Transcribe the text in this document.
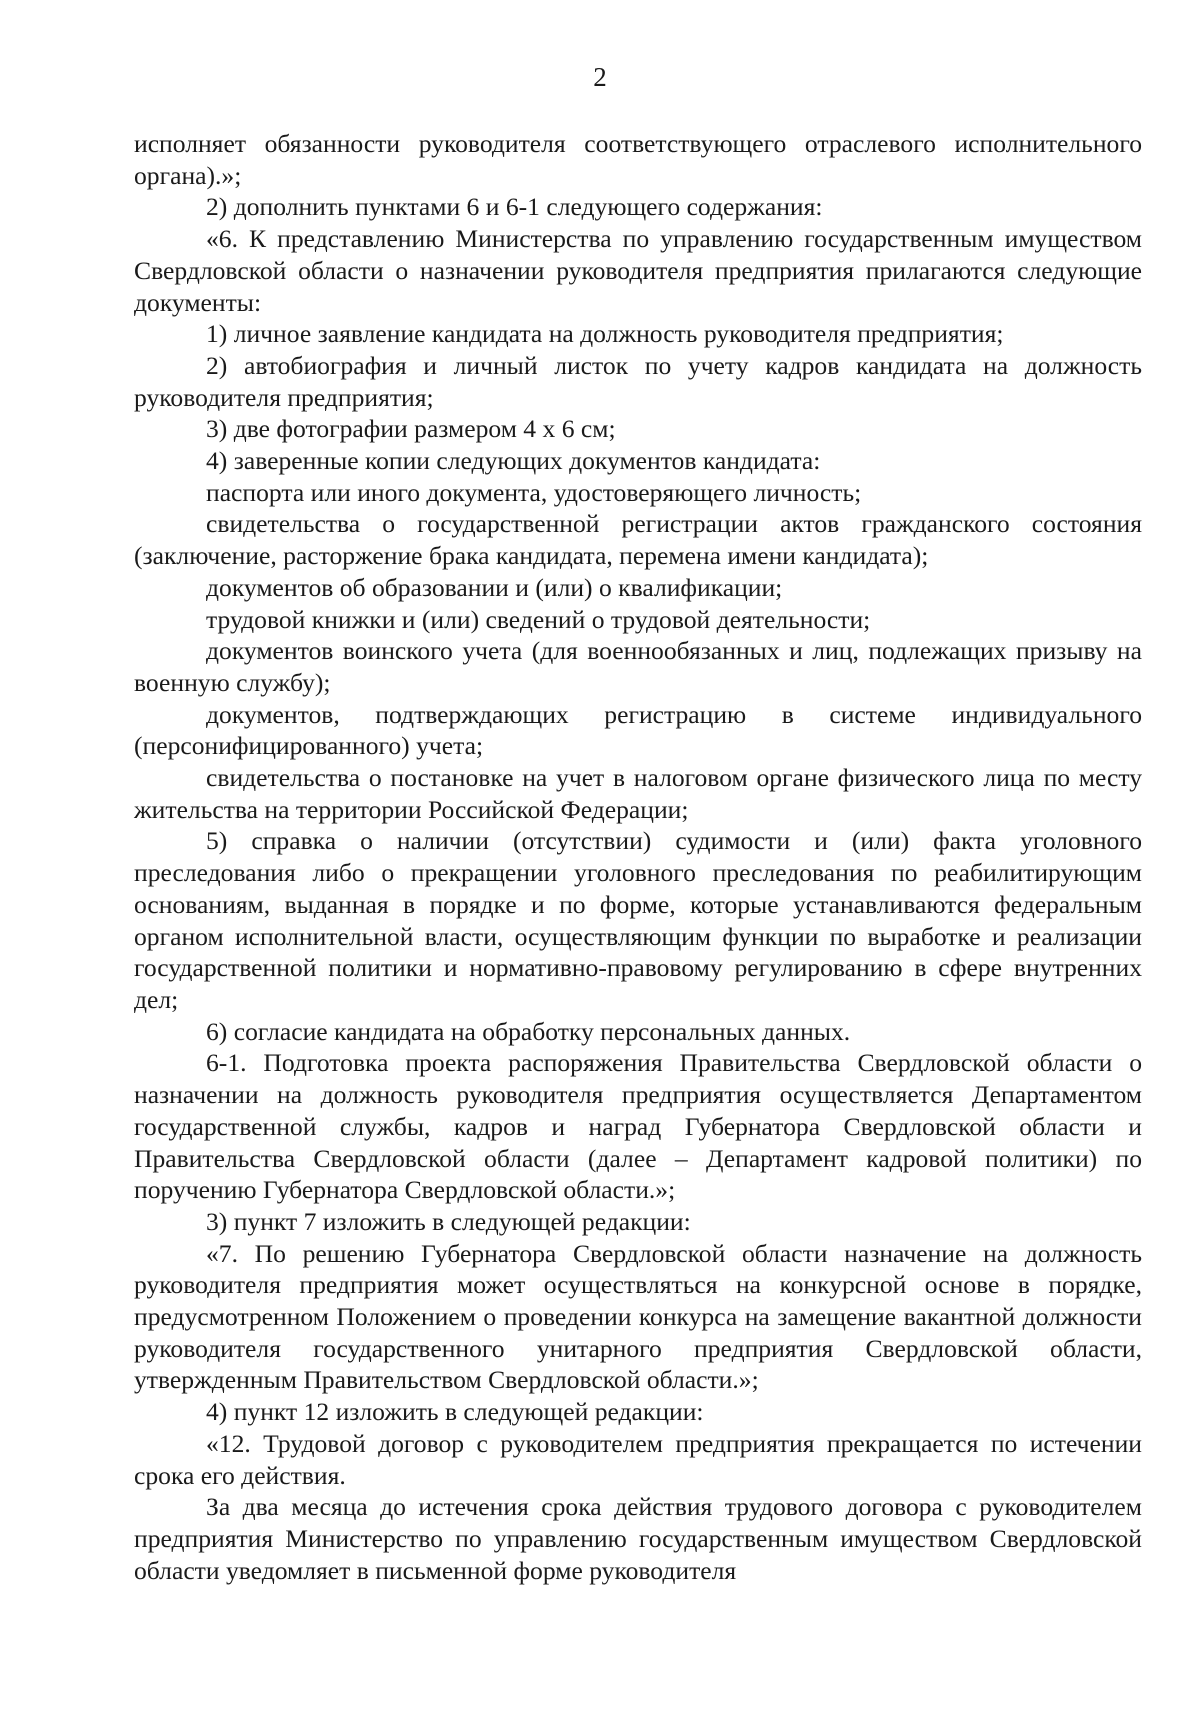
2

исполняет обязанности руководителя соответствующего отраслевого исполнительного органа).»;

2) дополнить пунктами 6 и 6-1 следующего содержания:

«6. К представлению Министерства по управлению государственным имуществом Свердловской области о назначении руководителя предприятия прилагаются следующие документы:

1) личное заявление кандидата на должность руководителя предприятия;

2) автобиография и личный листок по учету кадров кандидата на должность руководителя предприятия;

3) две фотографии размером 4 х 6 см;

4) заверенные копии следующих документов кандидата:

паспорта или иного документа, удостоверяющего личность;

свидетельства о государственной регистрации актов гражданского состояния (заключение, расторжение брака кандидата, перемена имени кандидата);

документов об образовании и (или) о квалификации;

трудовой книжки и (или) сведений о трудовой деятельности;

документов воинского учета (для военнообязанных и лиц, подлежащих призыву на военную службу);

документов, подтверждающих регистрацию в системе индивидуального (персонифицированного) учета;

свидетельства о постановке на учет в налоговом органе физического лица по месту жительства на территории Российской Федерации;

5) справка о наличии (отсутствии) судимости и (или) факта уголовного преследования либо о прекращении уголовного преследования по реабилитирующим основаниям, выданная в порядке и по форме, которые устанавливаются федеральным органом исполнительной власти, осуществляющим функции по выработке и реализации государственной политики и нормативно-правовому регулированию в сфере внутренних дел;

6) согласие кандидата на обработку персональных данных.

6-1. Подготовка проекта распоряжения Правительства Свердловской области о назначении на должность руководителя предприятия осуществляется Департаментом государственной службы, кадров и наград Губернатора Свердловской области и Правительства Свердловской области (далее – Департамент кадровой политики) по поручению Губернатора Свердловской области.»;

3) пункт 7 изложить в следующей редакции:

«7. По решению Губернатора Свердловской области назначение на должность руководителя предприятия может осуществляться на конкурсной основе в порядке, предусмотренном Положением о проведении конкурса на замещение вакантной должности руководителя государственного унитарного предприятия Свердловской области, утвержденным Правительством Свердловской области.»;

4) пункт 12 изложить в следующей редакции:

«12. Трудовой договор с руководителем предприятия прекращается по истечении срока его действия.

За два месяца до истечения срока действия трудового договора с руководителем предприятия Министерство по управлению государственным имуществом Свердловской области уведомляет в письменной форме руководителя
